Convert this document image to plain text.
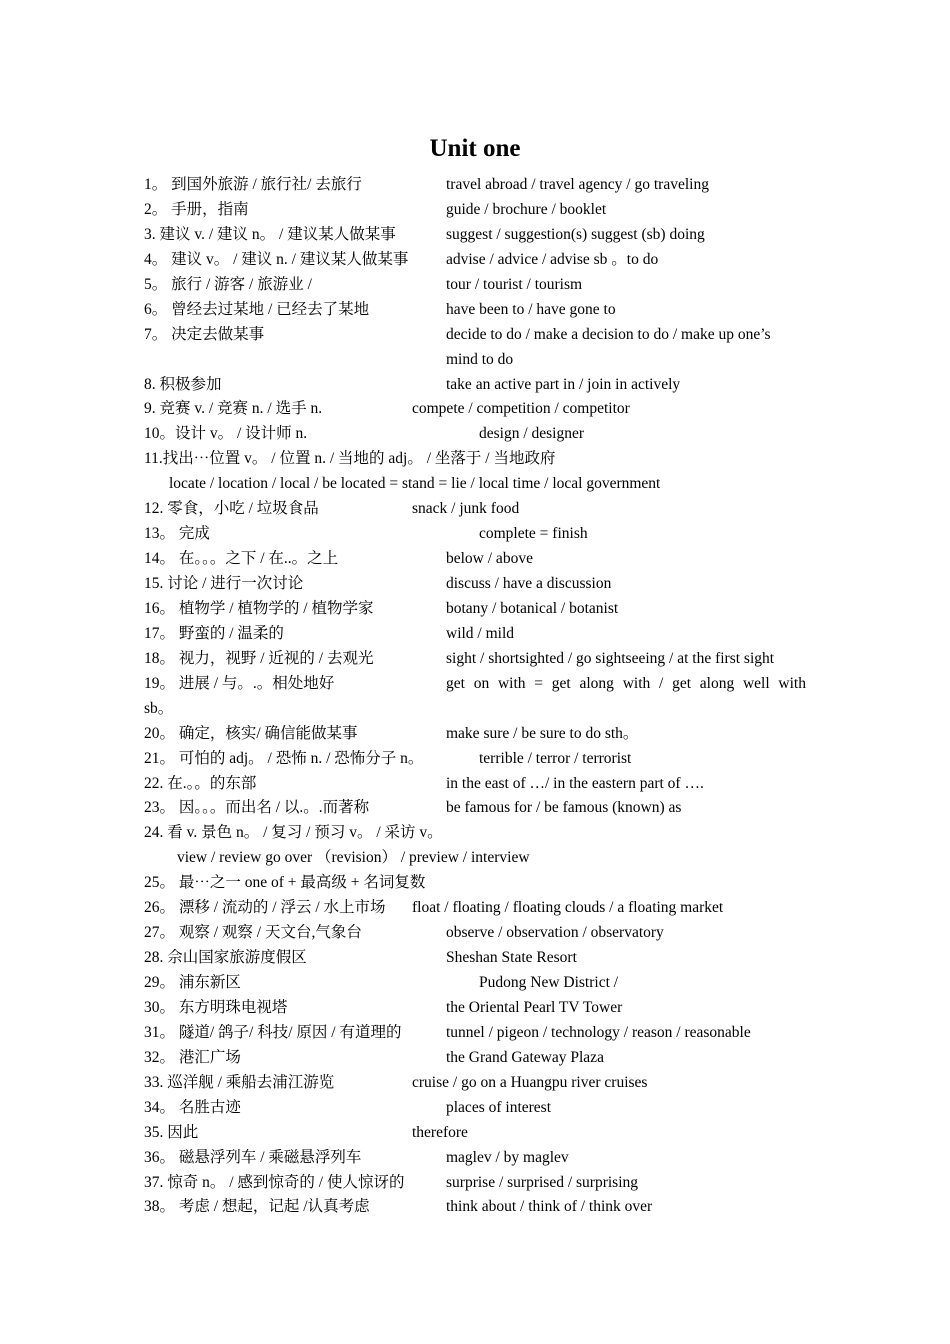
Unit one
1。 到国外旅游 / 旅行社/ 去旅行	travel abroad / travel agency / go traveling
2。 手册，指南	guide / brochure / booklet
3. 建议 v. / 建议 n。 / 建议某人做某事	suggest / suggestion(s) suggest (sb) doing
4。 建议 v。 / 建议 n. / 建议某人做某事 advise / advice / advise sb 。to do
5。 旅行 / 游客 / 旅游业 /	tour / tourist / tourism
6。 曾经去过某地 / 已经去了某地	have been to / have gone to
7。 决定去做某事	decide to do / make a decision to do / make up one’s
mind to do
8. 积极参加	take an active part in / join in actively
9. 竞赛 v. / 竞赛 n. / 选手 n.	compete / competition / competitor
10。设计 v。 / 设计师 n.	design / designer
11.找出⋯位置 v。 / 位置 n. / 当地的 adj。 / 坐落于 / 当地政府
locate / location / local / be located = stand = lie / local time / local government
12. 零食，小吃 / 垃圾食品	snack / junk food
13。 完成	complete = finish
14。 在。。。之下 / 在..。之上	below / above
15. 讨论 / 进行一次讨论	discuss / have a discussion
16。 植物学 / 植物学的 / 植物学家	botany / botanical / botanist
17。 野蛮的 / 温柔的	wild / mild
18。 视力，视野 / 近视的 / 去观光	sight / shortsighted / go sightseeing / at the first sight
19。 进展 / 与。.。相处地好	get on with = get along with / get along well with
sb。
20。 确定，核实/ 确信能做某事	make sure / be sure to do sth。
21。 可怕的 adj。 / 恐怖 n. / 恐怖分子 n。	terrible / terror / terrorist
22. 在.。。的东部	in the east of …/ in the eastern part of ….
23。 因。。。而出名 / 以.。.而著称	be famous for / be famous (known) as
24. 看 v. 景色 n。 / 复习 / 预习 v。 / 采访 v。
view / review go over （revision） / preview / interview
25。 最⋯之一 one of + 最高级 + 名词复数
26。 漂移 / 流动的 / 浮云 / 水上市场 float / floating / floating clouds / a floating market
27。 观察 / 观察 / 天文台,气象台	observe / observation / observatory
28. 佘山国家旅游度假区	Sheshan State Resort
29。 浦东新区	Pudong New District /
30。 东方明珠电视塔	the Oriental Pearl TV Tower
31。 隧道/ 鸽子/ 科技/ 原因 / 有道理的	tunnel / pigeon / technology / reason / reasonable
32。 港汇广场	the Grand Gateway Plaza
33. 巡洋舰 / 乘船去浦江游览	cruise / go on a Huangpu river cruises
34。 名胜古迹	places of interest
35. 因此	therefore
36。 磁悬浮列车 / 乘磁悬浮列车	maglev / by maglev
37. 惊奇 n。 / 感到惊奇的 / 使人惊讶的	surprise / surprised / surprising
38。 考虑 / 想起，记起 /认真考虑	think about / think of / think over
